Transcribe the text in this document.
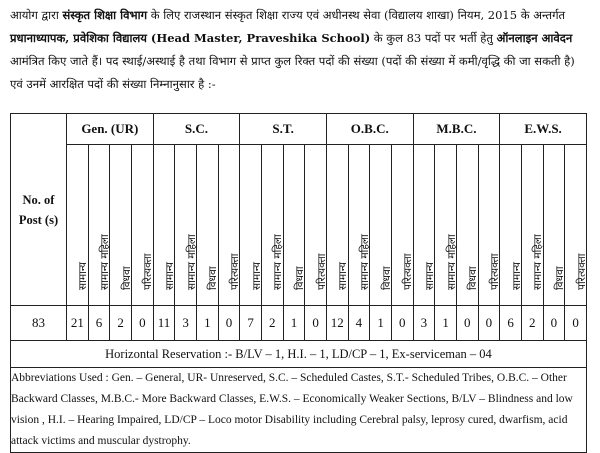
आयोग द्वारा संस्कृत शिक्षा विभाग के लिए राजस्थान संस्कृत शिक्षा राज्य एवं अधीनस्थ सेवा (विद्यालय शाखा) नियम, 2015 के अन्तर्गत प्रधानाध्यापक, प्रवेशिका विद्यालय (Head Master, Praveshika School) के कुल 83 पदों पर भर्ती हेतु ऑनलाइन आवेदन आमंत्रित किए जाते हैं। पद स्थाई/अस्थाई है तथा विभाग से प्राप्त कुल रिक्त पदों की संख्या (पदों की संख्या में कमी/वृद्धि की जा सकती है) एवं उनमें आरक्षित पदों की संख्या निम्नानुसार है :-
No. of Post (s)	Gen. (UR)				S.C.				S.T.				O.B.C.				M.B.C.				E.W.S.			

	सामान्य	सामान्य महिला	विधवा	परित्यक्ता	सामान्य	सामान्य महिला	विधवा	परित्यक्ता	सामान्य	सामान्य महिला	विधवा	परित्यक्ता	सामान्य	सामान्य महिला	विधवा	परित्यक्ता	सामान्य	सामान्य महिला	विधवा	परित्यक्ता	सामान्य	सामान्य महिला	विधवा	परित्यक्ता

83	21	6	2	0	11	3	1	0	7	2	1	0	12	4	1	0	3	1	0	0	6	2	0	0
Horizontal Reservation :- B/LV – 1, H.I. – 1, LD/CP – 1, Ex-serviceman – 04																								
Abbreviations Used : Gen. – General, UR- Unreserved, S.C. – Scheduled Castes, S.T.- Scheduled Tribes, O.B.C. – Other Backward Classes, M.B.C.- More Backward Classes, E.W.S. – Economically Weaker Sections, B/LV – Blindness and low vision , H.I. – Hearing Impaired, LD/CP – Loco motor Disability including Cerebral palsy, leprosy cured, dwarfism, acid attack victims and muscular dystrophy.																								
